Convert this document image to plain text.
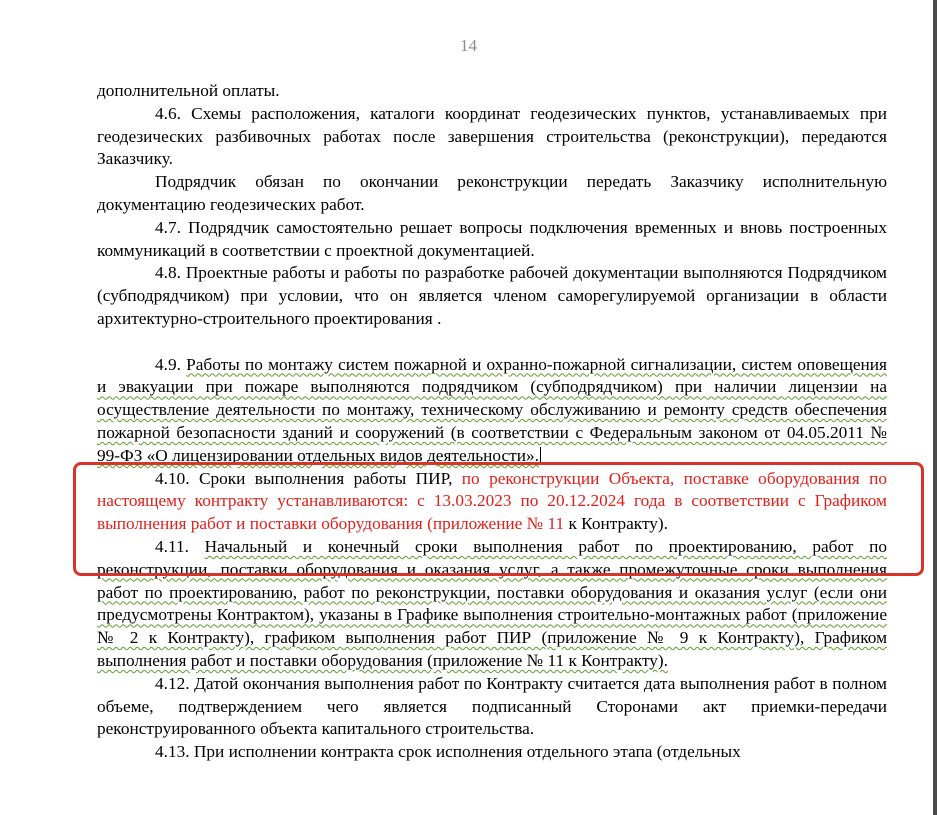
14

дополнительной оплаты.

4.6. Схемы расположения, каталоги координат геодезических пунктов, устанавливаемых при геодезических разбивочных работах после завершения строительства (реконструкции), передаются Заказчику.

Подрядчик обязан по окончании реконструкции передать Заказчику исполнительную документацию геодезических работ.

4.7. Подрядчик самостоятельно решает вопросы подключения временных и вновь построенных коммуникаций в соответствии с проектной документацией.

4.8. Проектные работы и работы по разработке рабочей документации выполняются Подрядчиком (субподрядчиком) при условии, что он является членом саморегулируемой организации в области архитектурно-строительного проектирования .

4.9. Работы по монтажу систем пожарной и охранно-пожарной сигнализации, систем оповещения и эвакуации при пожаре выполняются подрядчиком (субподрядчиком) при наличии лицензии на осуществление деятельности по монтажу, техническому обслуживанию и ремонту средств обеспечения пожарной безопасности зданий и сооружений (в соответствии с Федеральным законом от 04.05.2011 № 99-ФЗ «О лицензировании отдельных видов деятельности».

4.10. Сроки выполнения работы ПИР, по реконструкции Объекта, поставке оборудования по настоящему контракту устанавливаются: с 13.03.2023 по 20.12.2024 года в соответствии с Графиком выполнения работ и поставки оборудования (приложение № 11 к Контракту).

4.11. Начальный и конечный сроки выполнения работ по проектированию, работ по реконструкции, поставки оборудования и оказания услуг, а также промежуточные сроки выполнения работ по проектированию, работ по реконструкции, поставки оборудования и оказания услуг (если они предусмотрены Контрактом), указаны в Графике выполнения строительно-монтажных работ (приложение № 2 к Контракту), графиком выполнения работ ПИР (приложение № 9 к Контракту), Графиком выполнения работ и поставки оборудования (приложение № 11 к Контракту).

4.12. Датой окончания выполнения работ по Контракту считается дата выполнения работ в полном объеме, подтверждением чего является подписанный Сторонами акт приемки-передачи реконструированного объекта капитального строительства.

4.13. При исполнении контракта срок исполнения отдельного этапа (отдельных
